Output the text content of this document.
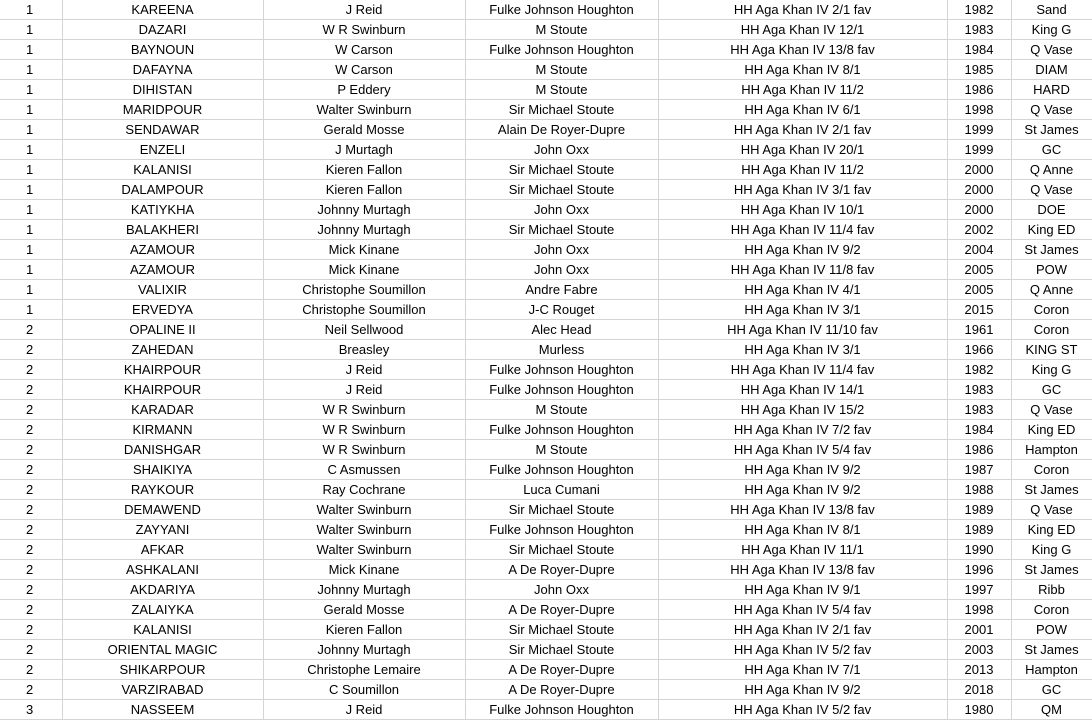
1	KAREENA	J Reid	Fulke Johnson Houghton	HH Aga Khan IV 2/1 fav	1982	Sand
1	DAZARI	W R Swinburn	M Stoute	HH Aga Khan IV 12/1	1983	King G
1	BAYNOUN	W Carson	Fulke Johnson Houghton	HH Aga Khan IV 13/8 fav	1984	Q Vase
1	DAFAYNA	W Carson	M Stoute	HH Aga Khan IV 8/1	1985	DIAM
1	DIHISTAN	P Eddery	M Stoute	HH Aga Khan IV 11/2	1986	HARD
1	MARIDPOUR	Walter Swinburn	Sir Michael Stoute	HH Aga Khan IV 6/1	1998	Q Vase
1	SENDAWAR	Gerald Mosse	Alain De Royer-Dupre	HH Aga Khan IV 2/1 fav	1999	St James
1	ENZELI	J Murtagh	John Oxx	HH Aga Khan IV 20/1	1999	GC
1	KALANISI	Kieren Fallon	Sir Michael Stoute	HH Aga Khan IV 11/2	2000	Q Anne
1	DALAMPOUR	Kieren Fallon	Sir Michael Stoute	HH Aga Khan IV 3/1 fav	2000	Q Vase
1	KATIYKHA	Johnny Murtagh	John Oxx	HH Aga Khan IV 10/1	2000	DOE
1	BALAKHERI	Johnny Murtagh	Sir Michael Stoute	HH Aga Khan IV 11/4 fav	2002	King ED
1	AZAMOUR	Mick Kinane	John Oxx	HH Aga Khan IV 9/2	2004	St James
1	AZAMOUR	Mick Kinane	John Oxx	HH Aga Khan IV 11/8 fav	2005	POW
1	VALIXIR	Christophe Soumillon	Andre Fabre	HH Aga Khan IV 4/1	2005	Q Anne
1	ERVEDYA	Christophe Soumillon	J-C Rouget	HH Aga Khan IV 3/1	2015	Coron
2	OPALINE II	Neil Sellwood	Alec Head	HH Aga Khan IV 11/10 fav	1961	Coron
2	ZAHEDAN	Breasley	Murless	HH Aga Khan IV 3/1	1966	KING ST
2	KHAIRPOUR	J Reid	Fulke Johnson Houghton	HH Aga Khan IV 11/4 fav	1982	King G
2	KHAIRPOUR	J Reid	Fulke Johnson Houghton	HH Aga Khan IV 14/1	1983	GC
2	KARADAR	W R Swinburn	M Stoute	HH Aga Khan IV 15/2	1983	Q Vase
2	KIRMANN	W R Swinburn	Fulke Johnson Houghton	HH Aga Khan IV 7/2 fav	1984	King ED
2	DANISHGAR	W R Swinburn	M Stoute	HH Aga Khan IV 5/4 fav	1986	Hampton
2	SHAIKIYA	C Asmussen	Fulke Johnson Houghton	HH Aga Khan IV 9/2	1987	Coron
2	RAYKOUR	Ray Cochrane	Luca Cumani	HH Aga Khan IV 9/2	1988	St James
2	DEMAWEND	Walter Swinburn	Sir Michael Stoute	HH Aga Khan IV 13/8 fav	1989	Q Vase
2	ZAYYANI	Walter Swinburn	Fulke Johnson Houghton	HH Aga Khan IV 8/1	1989	King ED
2	AFKAR	Walter Swinburn	Sir Michael Stoute	HH Aga Khan IV 11/1	1990	King G
2	ASHKALANI	Mick Kinane	A De Royer-Dupre	HH Aga Khan IV 13/8 fav	1996	St James
2	AKDARIYA	Johnny Murtagh	John Oxx	HH Aga Khan IV 9/1	1997	Ribb
2	ZALAIYKA	Gerald Mosse	A De Royer-Dupre	HH Aga Khan IV 5/4 fav	1998	Coron
2	KALANISI	Kieren Fallon	Sir Michael Stoute	HH Aga Khan IV 2/1 fav	2001	POW
2	ORIENTAL MAGIC	Johnny Murtagh	Sir Michael Stoute	HH Aga Khan IV 5/2 fav	2003	St James
2	SHIKARPOUR	Christophe Lemaire	A De Royer-Dupre	HH Aga Khan IV 7/1	2013	Hampton
2	VARZIRABAD	C Soumillon	A De Royer-Dupre	HH Aga Khan IV 9/2	2018	GC
3	NASSEEM	J Reid	Fulke Johnson Houghton	HH Aga Khan IV 5/2 fav	1980	QM
